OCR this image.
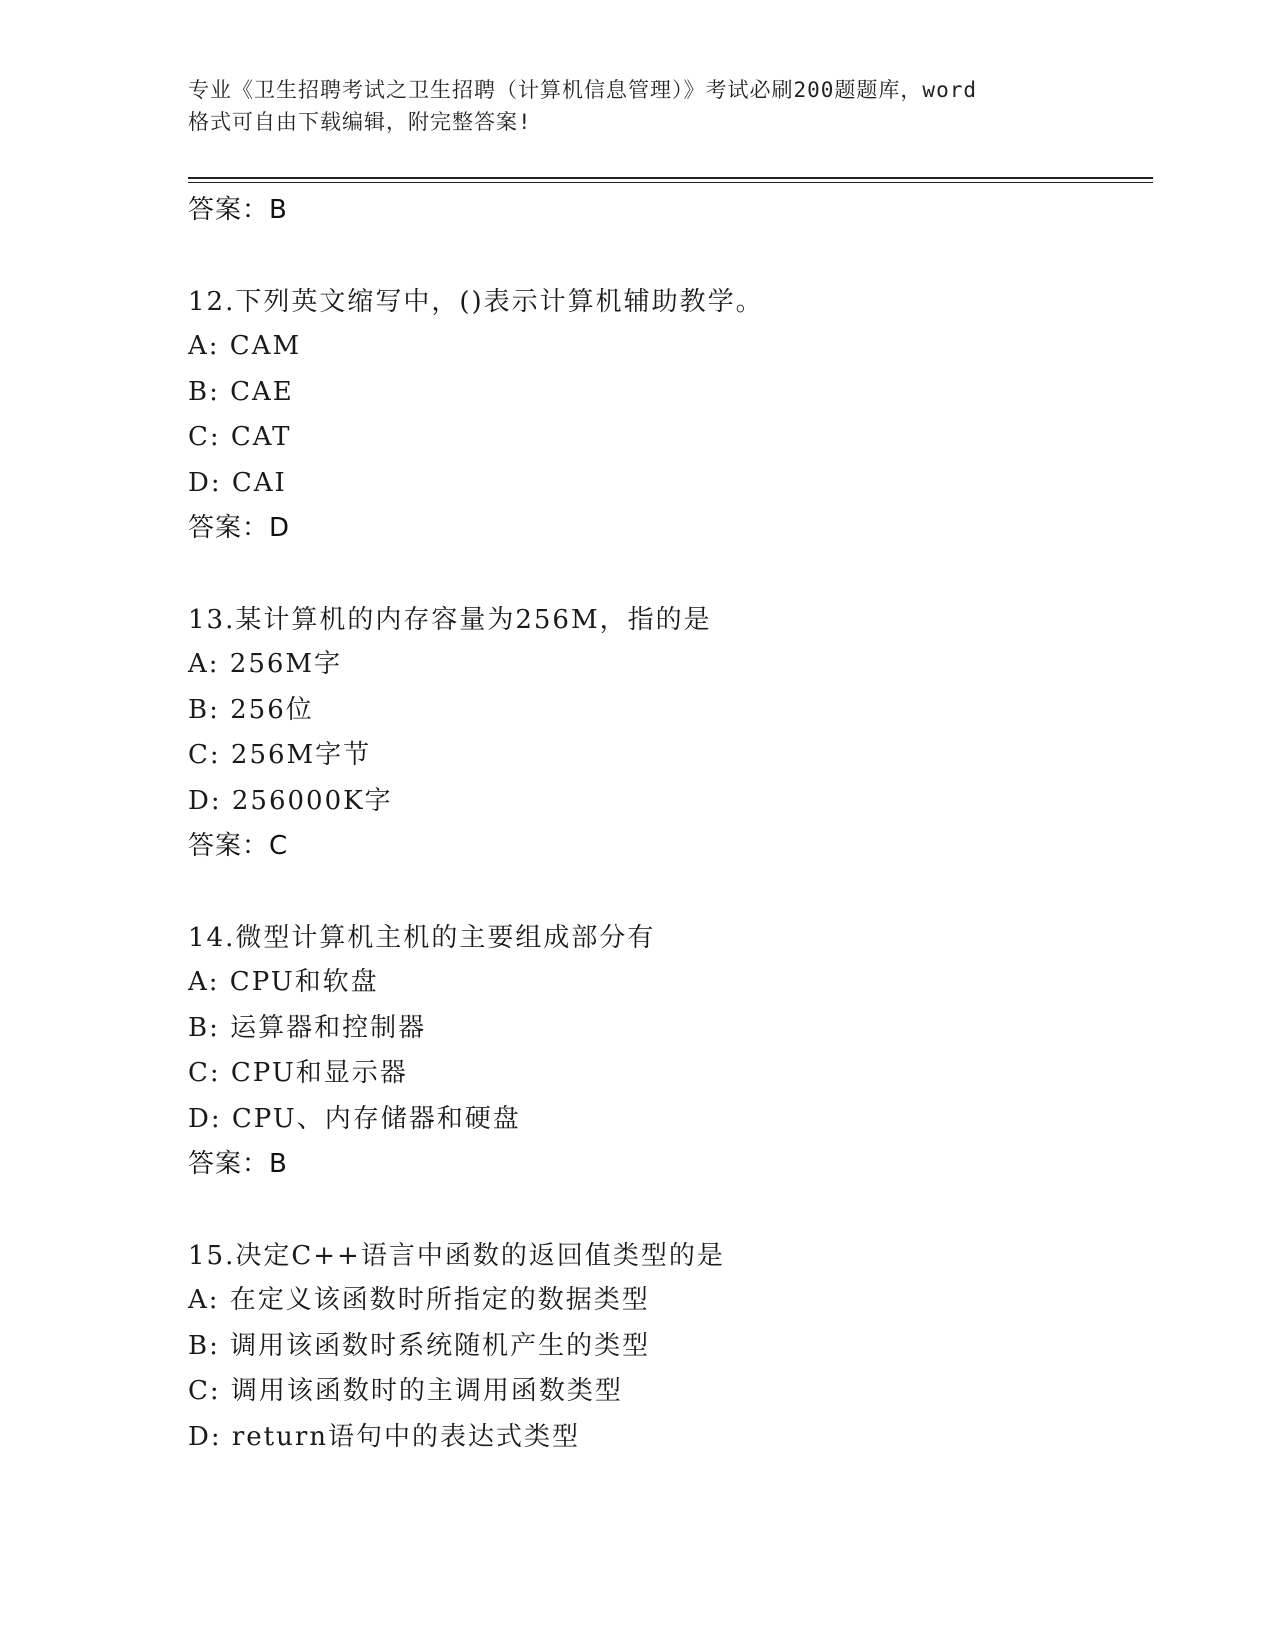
专业《卫生招聘考试之卫生招聘（计算机信息管理）》考试必刷200题题库，word
格式可自由下载编辑，附完整答案!
答案：B
12.下列英文缩写中，()表示计算机辅助教学。
A: CAM
B: CAE
C: CAT
D: CAI
答案：D
13.某计算机的内存容量为256M，指的是
A: 256M字
B: 256位
C: 256M字节
D: 256000K字
答案：C
14.微型计算机主机的主要组成部分有
A: CPU和软盘
B: 运算器和控制器
C: CPU和显示器
D: CPU、内存储器和硬盘
答案：B
15.决定C++语言中函数的返回值类型的是
A: 在定义该函数时所指定的数据类型
B: 调用该函数时系统随机产生的类型
C: 调用该函数时的主调用函数类型
D: return语句中的表达式类型
